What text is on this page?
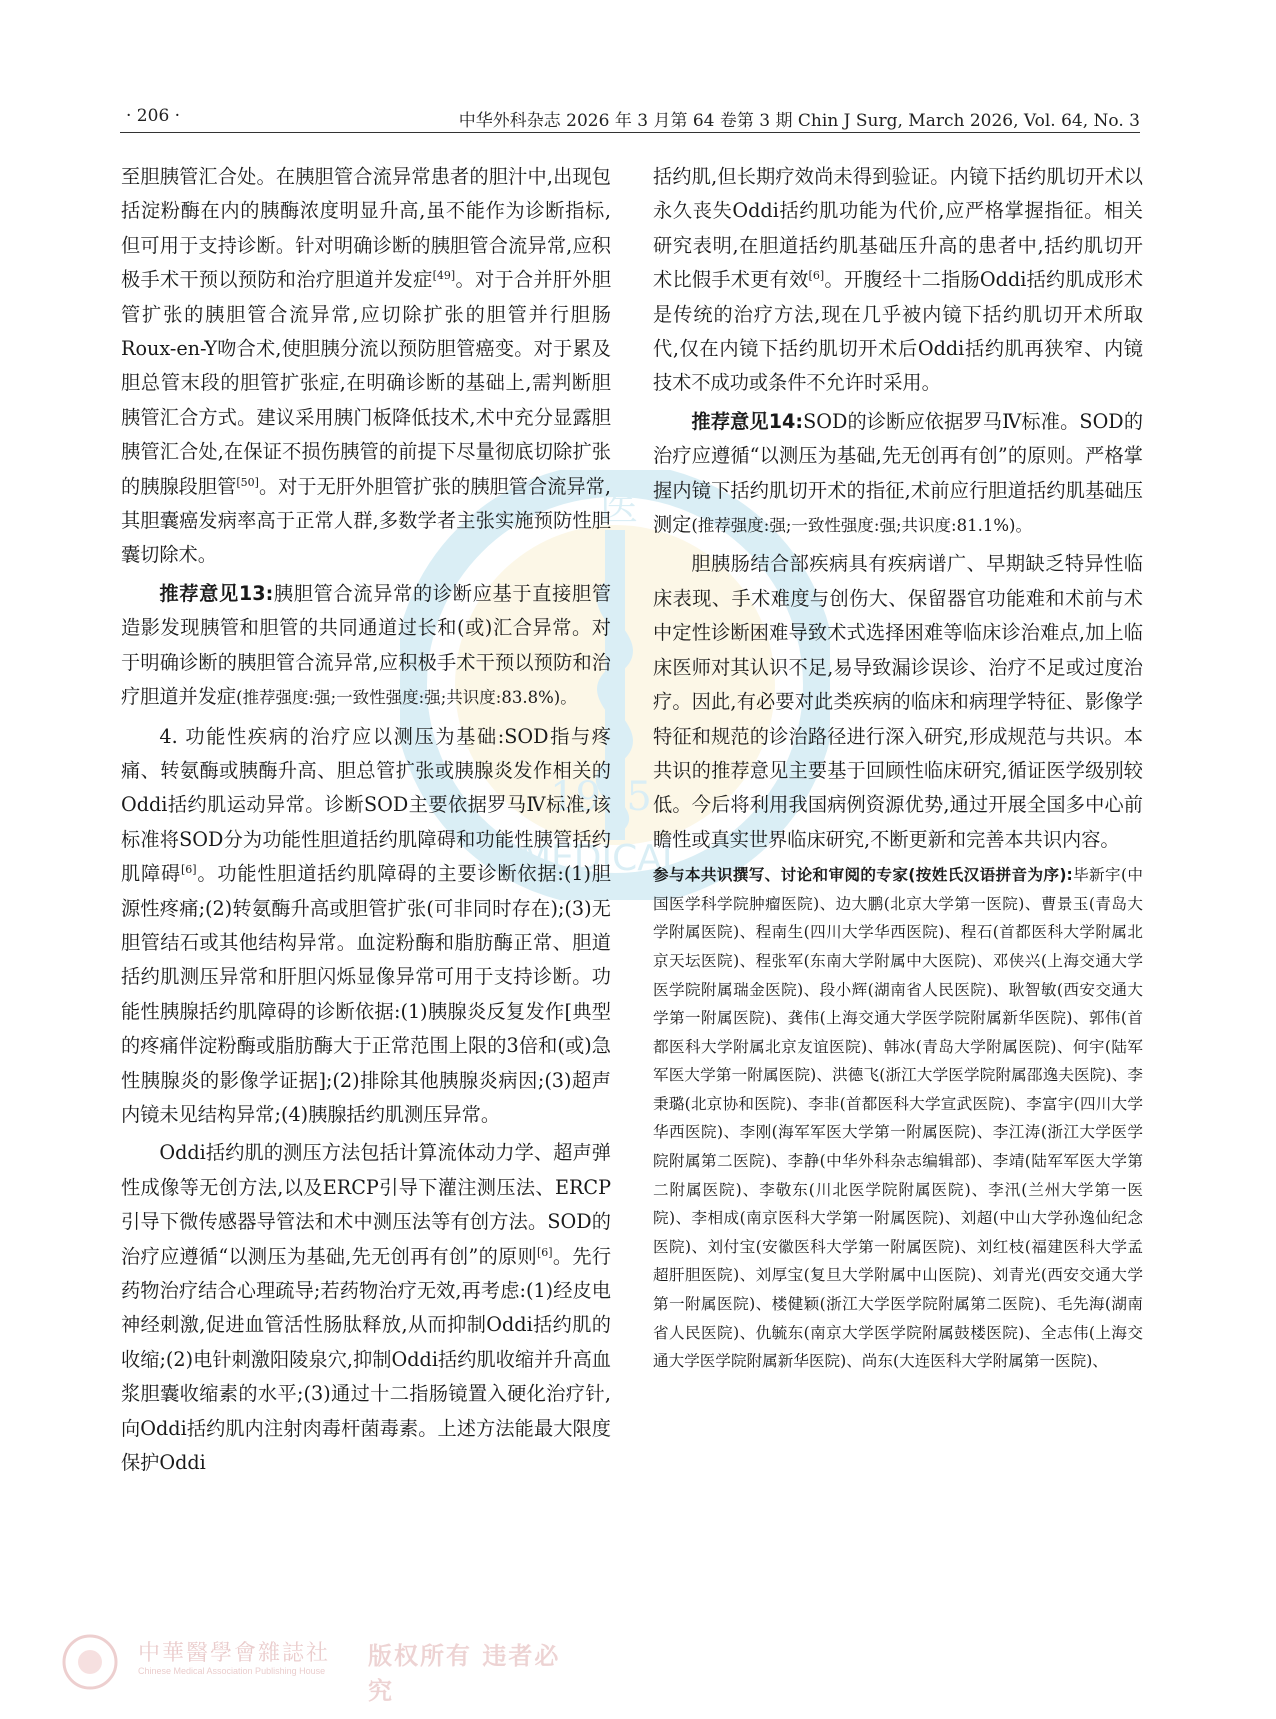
· 206 ·	中华外科杂志 2026 年 3 月第 64 卷第 3 期 Chin J Surg, March 2026, Vol. 64, No. 3
医
1915
MEDICAL

至胆胰管汇合处。在胰胆管合流异常患者的胆汁中,出现包括淀粉酶在内的胰酶浓度明显升高,虽不能作为诊断指标,但可用于支持诊断。针对明确诊断的胰胆管合流异常,应积极手术干预以预防和治疗胆道并发症[49]。对于合并肝外胆管扩张的胰胆管合流异常,应切除扩张的胆管并行胆肠Roux-en-Y吻合术,使胆胰分流以预防胆管癌变。对于累及胆总管末段的胆管扩张症,在明确诊断的基础上,需判断胆胰管汇合方式。建议采用胰门板降低技术,术中充分显露胆胰管汇合处,在保证不损伤胰管的前提下尽量彻底切除扩张的胰腺段胆管[50]。对于无肝外胆管扩张的胰胆管合流异常,其胆囊癌发病率高于正常人群,多数学者主张实施预防性胆囊切除术。

推荐意见13:胰胆管合流异常的诊断应基于直接胆管造影发现胰管和胆管的共同通道过长和(或)汇合异常。对于明确诊断的胰胆管合流异常,应积极手术干预以预防和治疗胆道并发症(推荐强度:强;一致性强度:强;共识度:83.8%)。

4. 功能性疾病的治疗应以测压为基础:SOD指与疼痛、转氨酶或胰酶升高、胆总管扩张或胰腺炎发作相关的Oddi括约肌运动异常。诊断SOD主要依据罗马Ⅳ标准,该标准将SOD分为功能性胆道括约肌障碍和功能性胰管括约肌障碍[6]。功能性胆道括约肌障碍的主要诊断依据:(1)胆源性疼痛;(2)转氨酶升高或胆管扩张(可非同时存在);(3)无胆管结石或其他结构异常。血淀粉酶和脂肪酶正常、胆道括约肌测压异常和肝胆闪烁显像异常可用于支持诊断。功能性胰腺括约肌障碍的诊断依据:(1)胰腺炎反复发作[典型的疼痛伴淀粉酶或脂肪酶大于正常范围上限的3倍和(或)急性胰腺炎的影像学证据];(2)排除其他胰腺炎病因;(3)超声内镜未见结构异常;(4)胰腺括约肌测压异常。

Oddi括约肌的测压方法包括计算流体动力学、超声弹性成像等无创方法,以及ERCP引导下灌注测压法、ERCP引导下微传感器导管法和术中测压法等有创方法。SOD的治疗应遵循“以测压为基础,先无创再有创”的原则[6]。先行药物治疗结合心理疏导;若药物治疗无效,再考虑:(1)经皮电神经刺激,促进血管活性肠肽释放,从而抑制Oddi括约肌的收缩;(2)电针刺激阳陵泉穴,抑制Oddi括约肌收缩并升高血浆胆囊收缩素的水平;(3)通过十二指肠镜置入硬化治疗针,向Oddi括约肌内注射肉毒杆菌毒素。上述方法能最大限度保护Oddi

括约肌,但长期疗效尚未得到验证。内镜下括约肌切开术以永久丧失Oddi括约肌功能为代价,应严格掌握指征。相关研究表明,在胆道括约肌基础压升高的患者中,括约肌切开术比假手术更有效[6]。开腹经十二指肠Oddi括约肌成形术是传统的治疗方法,现在几乎被内镜下括约肌切开术所取代,仅在内镜下括约肌切开术后Oddi括约肌再狭窄、内镜技术不成功或条件不允许时采用。

推荐意见14:SOD的诊断应依据罗马Ⅳ标准。SOD的治疗应遵循“以测压为基础,先无创再有创”的原则。严格掌握内镜下括约肌切开术的指征,术前应行胆道括约肌基础压测定(推荐强度:强;一致性强度:强;共识度:81.1%)。

胆胰肠结合部疾病具有疾病谱广、早期缺乏特异性临床表现、手术难度与创伤大、保留器官功能难和术前与术中定性诊断困难导致术式选择困难等临床诊治难点,加上临床医师对其认识不足,易导致漏诊误诊、治疗不足或过度治疗。因此,有必要对此类疾病的临床和病理学特征、影像学特征和规范的诊治路径进行深入研究,形成规范与共识。本共识的推荐意见主要基于回顾性临床研究,循证医学级别较低。今后将利用我国病例资源优势,通过开展全国多中心前瞻性或真实世界临床研究,不断更新和完善本共识内容。

参与本共识撰写、讨论和审阅的专家(按姓氏汉语拼音为序):毕新宇(中国医学科学院肿瘤医院)、边大鹏(北京大学第一医院)、曹景玉(青岛大学附属医院)、程南生(四川大学华西医院)、程石(首都医科大学附属北京天坛医院)、程张军(东南大学附属中大医院)、邓侠兴(上海交通大学医学院附属瑞金医院)、段小辉(湖南省人民医院)、耿智敏(西安交通大学第一附属医院)、龚伟(上海交通大学医学院附属新华医院)、郭伟(首都医科大学附属北京友谊医院)、韩冰(青岛大学附属医院)、何宇(陆军军医大学第一附属医院)、洪德飞(浙江大学医学院附属邵逸夫医院)、李秉璐(北京协和医院)、李非(首都医科大学宣武医院)、李富宇(四川大学华西医院)、李刚(海军军医大学第一附属医院)、李江涛(浙江大学医学院附属第二医院)、李静(中华外科杂志编辑部)、李靖(陆军军医大学第二附属医院)、李敬东(川北医学院附属医院)、李汛(兰州大学第一医院)、李相成(南京医科大学第一附属医院)、刘超(中山大学孙逸仙纪念医院)、刘付宝(安徽医科大学第一附属医院)、刘红枝(福建医科大学孟超肝胆医院)、刘厚宝(复旦大学附属中山医院)、刘青光(西安交通大学第一附属医院)、楼健颖(浙江大学医学院附属第二医院)、毛先海(湖南省人民医院)、仇毓东(南京大学医学院附属鼓楼医院)、全志伟(上海交通大学医学院附属新华医院)、尚东(大连医科大学附属第一医院)、

中華醫學會雜誌社
Chinese Medical Association Publishing House
版权所有 违者必究
